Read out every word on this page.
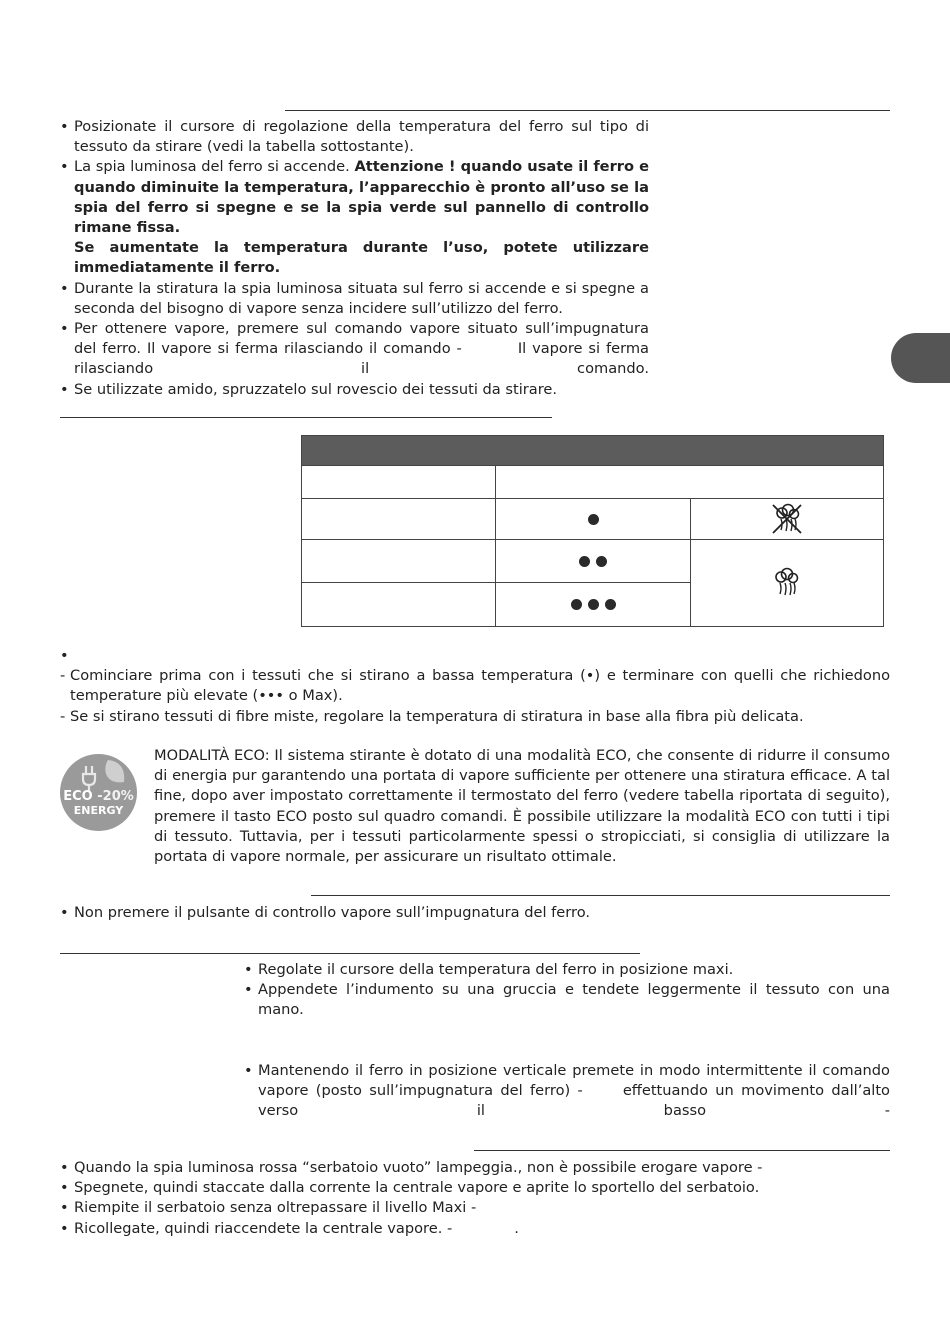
• Posizionate il cursore di regolazione della temperatura del ferro sul tipo di tessuto da stirare (vedi la tabella sottostante).

• La spia luminosa del ferro si accende. Attenzione ! quando usate il ferro e quando diminuite la temperatura, l’apparecchio è pronto all’uso se la spia del ferro si spegne e se la spia verde sul pannello di controllo rimane fissa.
Se aumentate la temperatura durante l’uso, potete utilizzare immediatamente il ferro.

• Durante la stiratura la spia luminosa situata sul ferro si accende e si spegne a seconda del bisogno di vapore senza incidere sull’utilizzo del ferro.

• Per ottenere vapore, premere sul comando vapore situato sull’impugnatura del ferro. Il vapore si ferma rilasciando il comando -	Il vapore si ferma rilasciando il comando.

• Se utilizzate amido, spruzzatelo sul rovescio dei tessuti da stirare.

•

- Cominciare prima con i tessuti che si stirano a bassa temperatura (•) e terminare con quelli che richiedono temperature più elevate (••• o Max).

- Se si stirano tessuti di fibre miste, regolare la temperatura di stiratura in base alla fibra più delicata.

ECO -20%
ENERGY

MODALITÀ ECO: Il sistema stirante è dotato di una modalità ECO, che consente di ridurre il consumo di energia pur garantendo una portata di vapore sufficiente per ottenere una stiratura efficace. A tal fine, dopo aver impostato correttamente il termostato del ferro (vedere tabella riportata di seguito), premere il tasto ECO posto sul quadro comandi. È possibile utilizzare la modalità ECO con tutti i tipi di tessuto. Tuttavia, per i tessuti particolarmente spessi o stropicciati, si consiglia di utilizzare la portata di vapore normale, per assicurare un risultato ottimale.

• Non premere il pulsante di controllo vapore sull’impugnatura del ferro.

• Regolate il cursore della temperatura del ferro in posizione maxi.

• Appendete l’indumento su una gruccia e tendete leggermente il tessuto con una mano.

• Mantenendo il ferro in posizione verticale premete in modo intermittente il comando vapore (posto sull’impugnatura del ferro) -	effettuando un movimento dall’alto verso il basso -

• Quando la spia luminosa rossa “serbatoio vuoto” lampeggia., non è possibile erogare vapore -

• Spegnete, quindi staccate dalla corrente la centrale vapore e aprite lo sportello del serbatoio.

• Riempite il serbatoio senza oltrepassare il livello Maxi -

• Ricollegate, quindi riaccendete la centrale vapore. -	.
